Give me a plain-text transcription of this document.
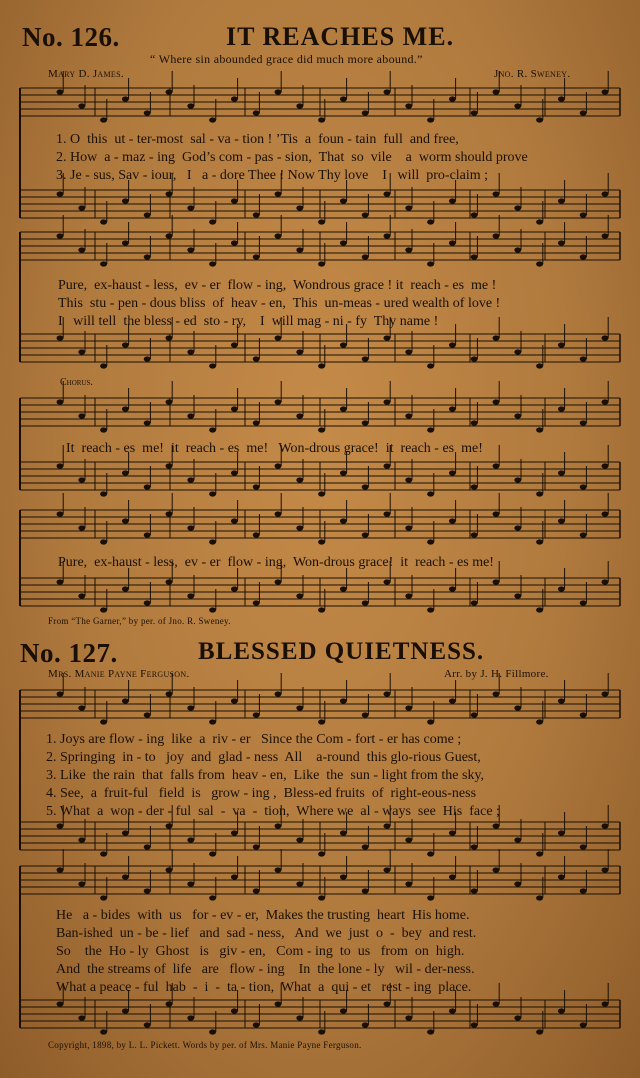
No. 126.	IT REACHES ME.
“ Where sin abounded grace did much more abound.”
Mary D. James.	Jno. R. Sweney.
1. O  this  ut - ter-most  sal - va - tion ! ’Tis  a  foun - tain  full  and free,
2. How  a - maz - ing  God’s com - pas - sion,  That  so  vile    a  worm should prove
3. Je - sus, Sav - iour,   I   a - dore Thee ! Now Thy love    I   will  pro-claim ;
Pure,  ex-haust - less,  ev - er  flow - ing,  Wondrous grace ! it  reach - es  me !
This  stu - pen - dous bliss  of  heav - en,  This  un-meas - ured wealth of love !
I   will tell  the bless - ed  sto - ry,    I  will mag - ni - fy  Thy name !
Chorus.
It  reach - es  me!  it  reach - es  me!   Won-drous grace!  it  reach - es  me!
Pure,  ex-haust - less,  ev - er  flow - ing,  Won-drous grace!  it  reach - es me!
From “The Garner,” by per. of Jno. R. Sweney.
No. 127.	BLESSED QUIETNESS.
Mrs. Manie Payne Ferguson.	Arr. by J. H. Fillmore.
1. Joys are flow - ing  like  a  riv - er   Since the Com - fort - er has come ;
2. Springing  in - to   joy  and  glad - ness  All    a-round  this glo-rious Guest,
3. Like  the rain  that  falls from  heav - en,  Like  the  sun - light from the sky,
4. See,  a  fruit-ful   field  is   grow - ing ,  Bless-ed fruits  of  right-eous-ness
5. What  a  won - der - ful  sal  -  va  -  tion,  Where we  al - ways  see  His  face ;
He   a - bides  with  us   for - ev - er,  Makes the trusting  heart  His home.
Ban-ished  un - be - lief   and  sad - ness,   And  we  just  o  -  bey  and rest.
So    the  Ho - ly  Ghost   is   giv - en,   Com - ing  to  us   from  on  high.
And  the streams of  life   are   flow - ing    In  the lone - ly   wil - der-ness.
What a peace - ful  hab  -  i  -  ta - tion,  What  a  qui - et   rest - ing  place.
Copyright, 1898, by L. L. Pickett. Words by per. of Mrs. Manie Payne Ferguson.
